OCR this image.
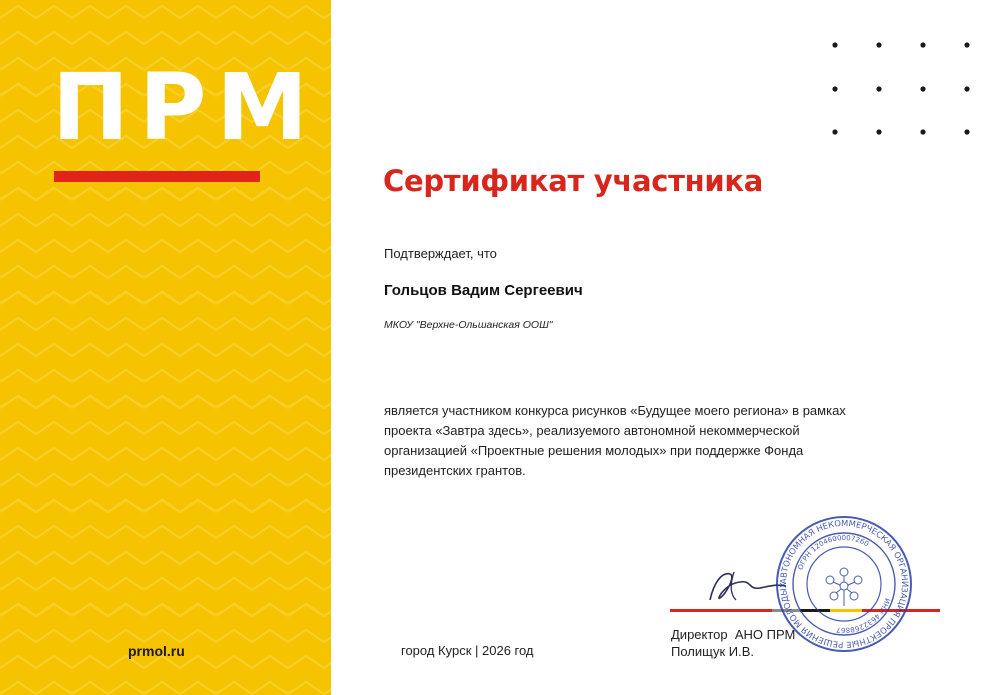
ПРМ
prmol.ru
Сертификат участника
Подтверждает, что
Гольцов Вадим Сергеевич
МКОУ "Верхне-Ольшанская ООШ"
является участником конкурса рисунков «Будущее моего региона» в рамках проекта «Завтра здесь», реализуемого автономной некоммерческой организацией «Проектные решения молодых» при поддержке Фонда президентских грантов.
город Курск | 2026 год
АВТОНОМНАЯ НЕКОММЕРЧЕСКАЯ ОРГАНИЗАЦИЯ ПРОЕКТНЫЕ РЕШЕНИЯ МОЛОДЫХ
ОГРН 1204600007260
ИНН 4632268867
Директор  АНО ПРМ
Полищук И.В.
